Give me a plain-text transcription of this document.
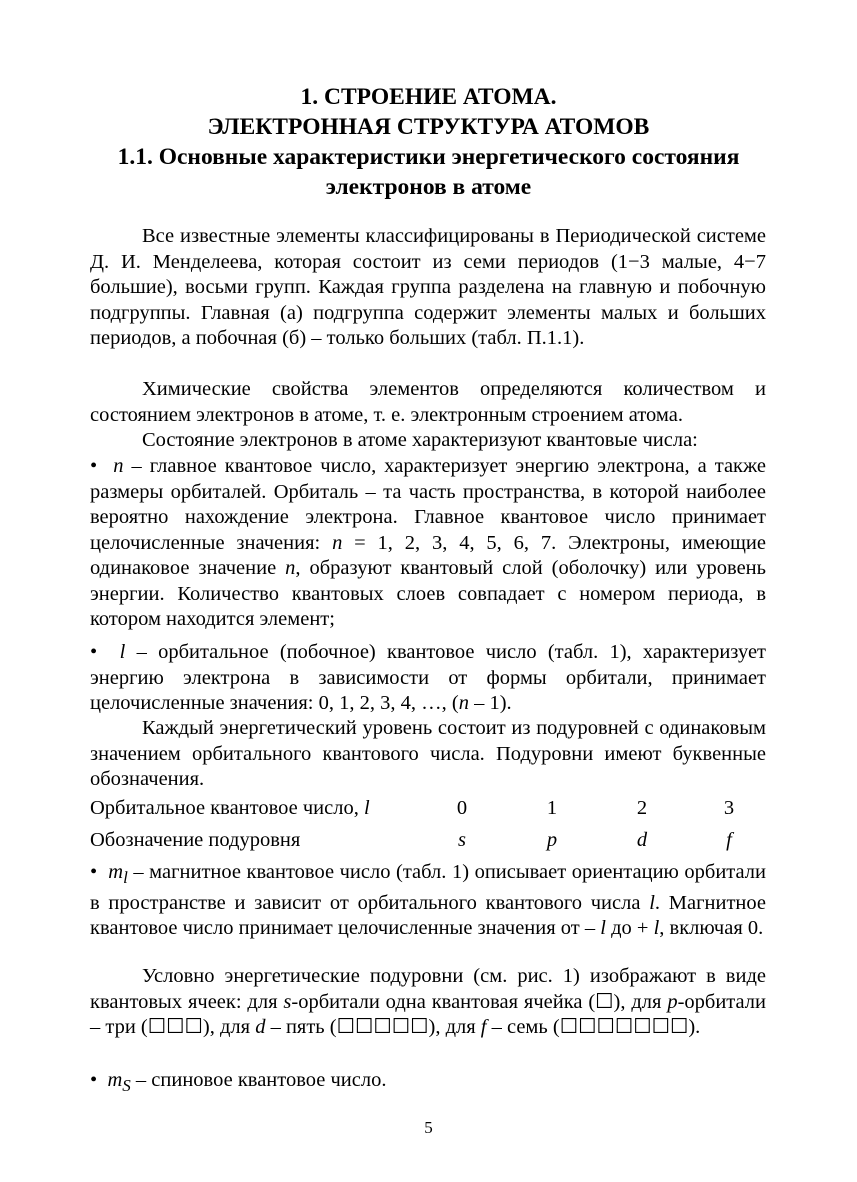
1. СТРОЕНИЕ АТОМА.
ЭЛЕКТРОННАЯ СТРУКТУРА АТОМОВ
1.1. Основные характеристики энергетического состояния
электронов в атоме
Все известные элементы классифицированы в Периодической системе Д. И. Менделеева, которая состоит из семи периодов (1−3 малые, 4−7 большие), восьми групп. Каждая группа разделена на главную и побочную подгруппы. Главная (а) подгруппа содержит элементы малых и больших периодов, а побочная (б) – только больших (табл. П.1.1).
Химические свойства элементов определяются количеством и состоянием электронов в атоме, т. е. электронным строением атома.
Состояние электронов в атоме характеризуют квантовые числа:
•  n – главное квантовое число, характеризует энергию электрона, а также размеры орбиталей. Орбиталь – та часть пространства, в которой наиболее вероятно нахождение электрона. Главное квантовое число принимает целочисленные значения: n = 1, 2, 3, 4, 5, 6, 7. Электроны, имеющие одинаковое значение n, образуют квантовый слой (оболочку) или уровень энергии. Количество квантовых слоев совпадает с номером периода, в котором находится элемент;
•  l – орбитальное (побочное) квантовое число (табл. 1), характеризует энергию электрона в зависимости от формы орбитали, принимает целочисленные значения: 0, 1, 2, 3, 4, …, (n – 1).
Каждый энергетический уровень состоит из подуровней с одинаковым значением орбитального квантового числа. Подуровни имеют буквенные обозначения.
Орбитальное квантовое число, l	0	1	2	3
Обозначение подуровня	s	p	d	f
•  $m_l$ – магнитное квантовое число (табл. 1) описывает ориентацию орбитали в пространстве и зависит от орбитального квантового числа l. Магнитное квантовое число принимает целочисленные значения от – l до + l, включая 0.
Условно энергетические подуровни (см. рис. 1) изображают в виде квантовых ячеек: для s-орбитали одна квантовая ячейка (☐), для p-орбитали – три (☐☐☐), для d – пять (☐☐☐☐☐), для f – семь (☐☐☐☐☐☐☐).
•  $m_S$ – спиновое квантовое число.
5
